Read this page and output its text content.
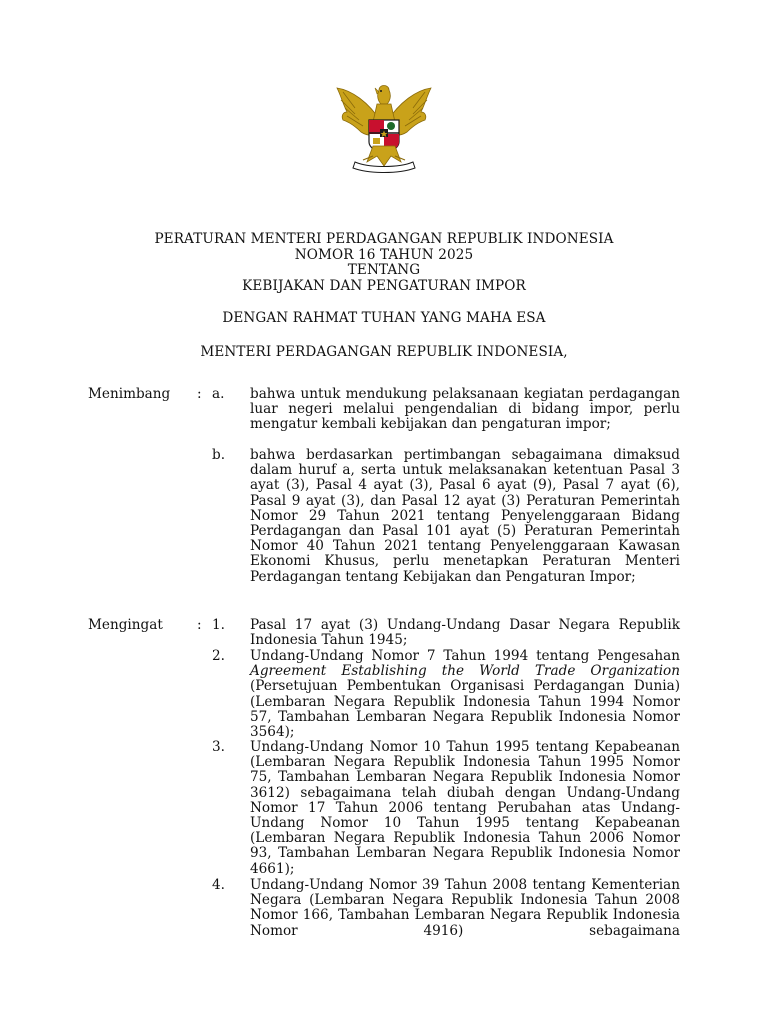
PERATURAN MENTERI PERDAGANGAN REPUBLIK INDONESIA
NOMOR 16 TAHUN 2025
TENTANG
KEBIJAKAN DAN PENGATURAN IMPOR
DENGAN RAHMAT TUHAN YANG MAHA ESA
MENTERI PERDAGANGAN REPUBLIK INDONESIA,
Menimbang : a. bahwa untuk mendukung pelaksanaan kegiatan perdagangan luar negeri melalui pengendalian di bidang impor, perlu mengatur kembali kebijakan dan pengaturan impor;
b. bahwa berdasarkan pertimbangan sebagaimana dimaksud dalam huruf a, serta untuk melaksanakan ketentuan Pasal 3 ayat (3), Pasal 4 ayat (3), Pasal 6 ayat (9), Pasal 7 ayat (6), Pasal 9 ayat (3), dan Pasal 12 ayat (3) Peraturan Pemerintah Nomor 29 Tahun 2021 tentang Penyelenggaraan Bidang Perdagangan dan Pasal 101 ayat (5) Peraturan Pemerintah Nomor 40 Tahun 2021 tentang Penyelenggaraan Kawasan Ekonomi Khusus, perlu menetapkan Peraturan Menteri Perdagangan tentang Kebijakan dan Pengaturan Impor;
Mengingat	: 1. Pasal 17 ayat (3) Undang-Undang Dasar Negara Republik Indonesia Tahun 1945;
2. Undang-Undang Nomor 7 Tahun 1994 tentang Pengesahan Agreement Establishing the World Trade Organization (Persetujuan Pembentukan Organisasi Perdagangan Dunia) (Lembaran Negara Republik Indonesia Tahun 1994 Nomor 57, Tambahan Lembaran Negara Republik Indonesia Nomor 3564);
3. Undang-Undang Nomor 10 Tahun 1995 tentang Kepabeanan (Lembaran Negara Republik Indonesia Tahun 1995 Nomor 75, Tambahan Lembaran Negara Republik Indonesia Nomor 3612) sebagaimana telah diubah dengan Undang-Undang Nomor 17 Tahun 2006 tentang Perubahan atas Undang-Undang Nomor 10 Tahun 1995 tentang Kepabeanan (Lembaran Negara Republik Indonesia Tahun 2006 Nomor 93, Tambahan Lembaran Negara Republik Indonesia Nomor 4661);
4. Undang-Undang Nomor 39 Tahun 2008 tentang Kementerian Negara (Lembaran Negara Republik Indonesia Tahun 2008 Nomor 166, Tambahan Lembaran Negara Republik Indonesia Nomor 4916) sebagaimana
